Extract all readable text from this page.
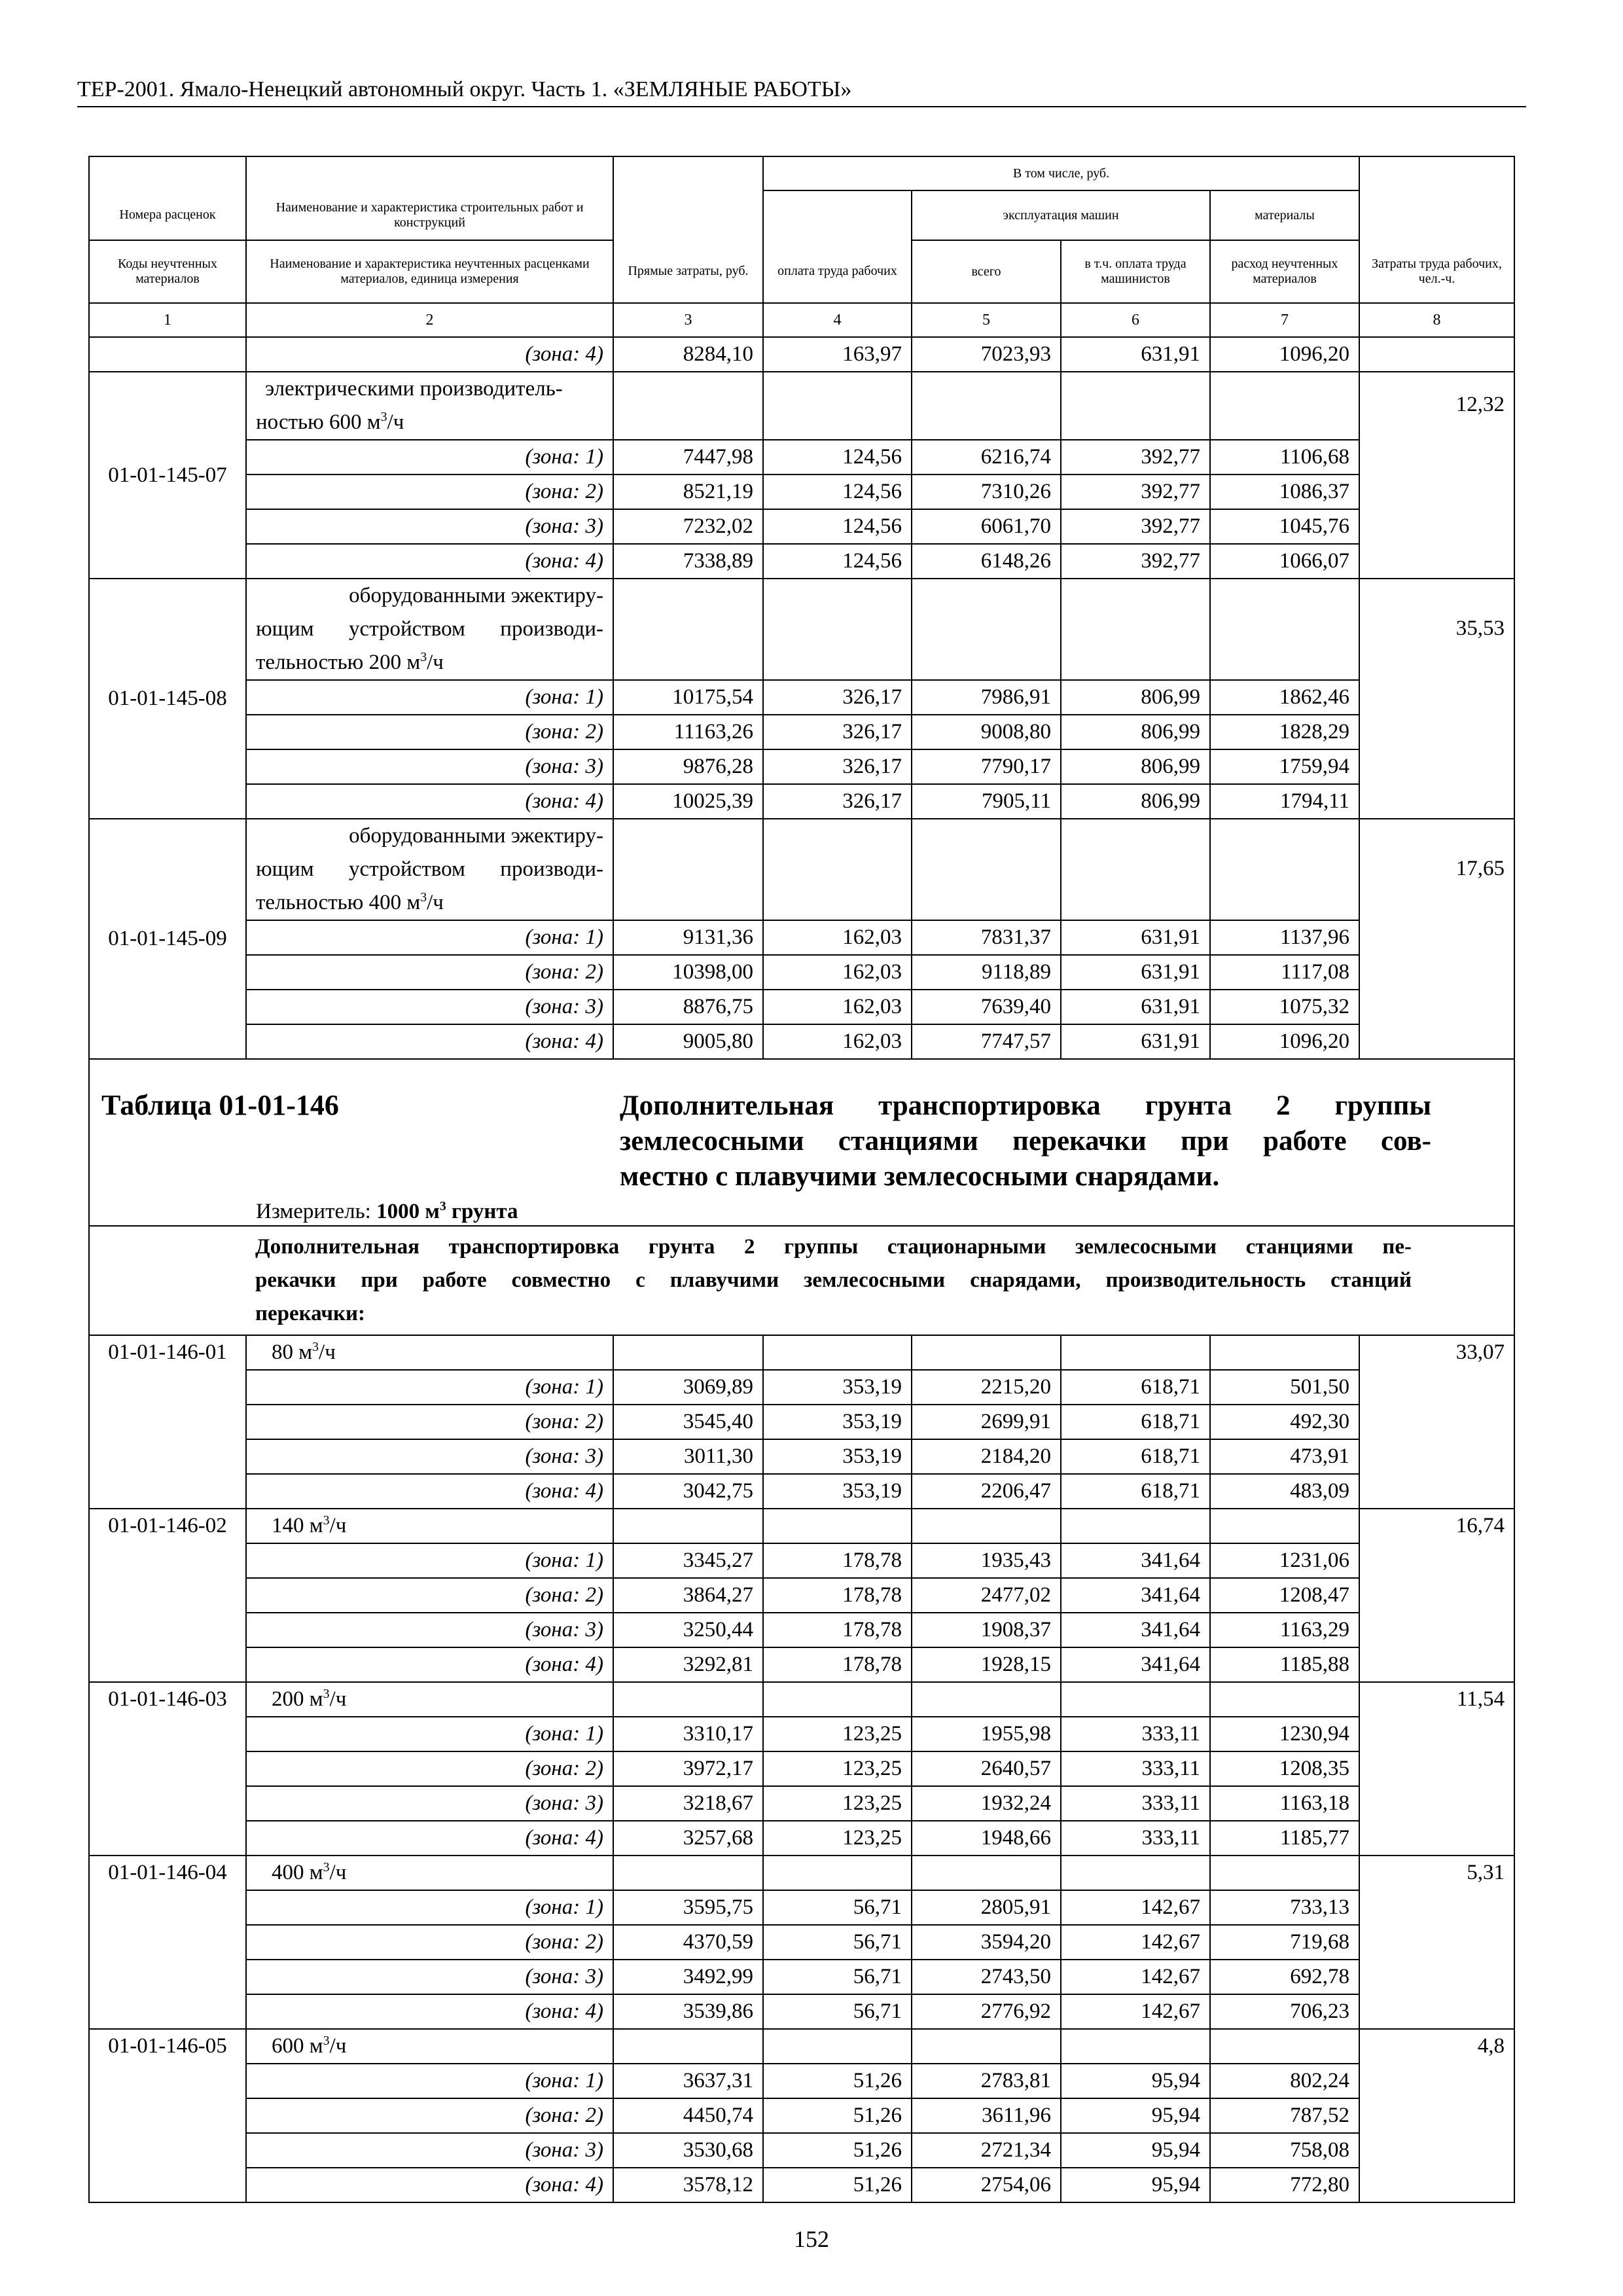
ТЕР-2001. Ямало-Ненецкий автономный округ. Часть 1. «ЗЕМЛЯНЫЕ РАБОТЫ»
			В том числе, руб.				
Номера расценок	Наименование и характеристика строительных работ и конструкций			эксплуатация машин		материалы	
Коды неучтенных материалов	Наименование и характеристика неучтенных расценками материалов, единица измерения	Прямые затраты, руб.	оплата труда рабочих	всего	в т.ч. оплата труда машинистов	расход неучтенных материалов	Затраты труда рабочих, чел.-ч.
1	2	3	4	5	6	7	8
	(зона: 4)	8284,10	163,97	7023,93	631,91	1096,20	
01-01-145-07	электрическими производитель-
ностью 600 $м^3/ч$						12,32
	(зона: 1)	7447,98	124,56	6216,74	392,77	1106,68	
	(зона: 2)	8521,19	124,56	7310,26	392,77	1086,37	
	(зона: 3)	7232,02	124,56	6061,70	392,77	1045,76	
	(зона: 4)	7338,89	124,56	6148,26	392,77	1066,07	
01-01-145-08	оборудованными эжектиру-
ющим устройством производи-
тельностью 200 $м^3/ч$						35,53
	(зона: 1)	10175,54	326,17	7986,91	806,99	1862,46	
	(зона: 2)	11163,26	326,17	9008,80	806,99	1828,29	
	(зона: 3)	9876,28	326,17	7790,17	806,99	1759,94	
	(зона: 4)	10025,39	326,17	7905,11	806,99	1794,11	
01-01-145-09	оборудованными эжектиру-
ющим устройством производи-
тельностью 400 $м^3/ч$						17,65
	(зона: 1)	9131,36	162,03	7831,37	631,91	1137,96	
	(зона: 2)	10398,00	162,03	9118,89	631,91	1117,08	
	(зона: 3)	8876,75	162,03	7639,40	631,91	1075,32	
	(зона: 4)	9005,80	162,03	7747,57	631,91	1096,20	

Таблица 01-01-146 Дополнительная транспортировка грунта 2 группы
землесосными станциями перекачки при работе сов-
местно с плавучими землесосными снарядами.
Измеритель: 1000 $м^3$ грунта							

	Дополнительная транспортировка грунта 2 группы стационарными землесосными станциями пе-
рекачки при работе совместно с плавучими землесосными снарядами, производительность станций
перекачки:						

01-01-146-01	80 $м^3/ч$						33,07
	(зона: 1)	3069,89	353,19	2215,20	618,71	501,50	
	(зона: 2)	3545,40	353,19	2699,91	618,71	492,30	
	(зона: 3)	3011,30	353,19	2184,20	618,71	473,91	
	(зона: 4)	3042,75	353,19	2206,47	618,71	483,09	
01-01-146-02	140 $м^3/ч$						16,74
	(зона: 1)	3345,27	178,78	1935,43	341,64	1231,06	
	(зона: 2)	3864,27	178,78	2477,02	341,64	1208,47	
	(зона: 3)	3250,44	178,78	1908,37	341,64	1163,29	
	(зона: 4)	3292,81	178,78	1928,15	341,64	1185,88	
01-01-146-03	200 $м^3/ч$						11,54
	(зона: 1)	3310,17	123,25	1955,98	333,11	1230,94	
	(зона: 2)	3972,17	123,25	2640,57	333,11	1208,35	
	(зона: 3)	3218,67	123,25	1932,24	333,11	1163,18	
	(зона: 4)	3257,68	123,25	1948,66	333,11	1185,77	
01-01-146-04	400 $м^3/ч$						5,31
	(зона: 1)	3595,75	56,71	2805,91	142,67	733,13	
	(зона: 2)	4370,59	56,71	3594,20	142,67	719,68	
	(зона: 3)	3492,99	56,71	2743,50	142,67	692,78	
	(зона: 4)	3539,86	56,71	2776,92	142,67	706,23	
01-01-146-05	600 $м^3/ч$						4,8
	(зона: 1)	3637,31	51,26	2783,81	95,94	802,24	
	(зона: 2)	4450,74	51,26	3611,96	95,94	787,52	
	(зона: 3)	3530,68	51,26	2721,34	95,94	758,08	
	(зона: 4)	3578,12	51,26	2754,06	95,94	772,80	
152
